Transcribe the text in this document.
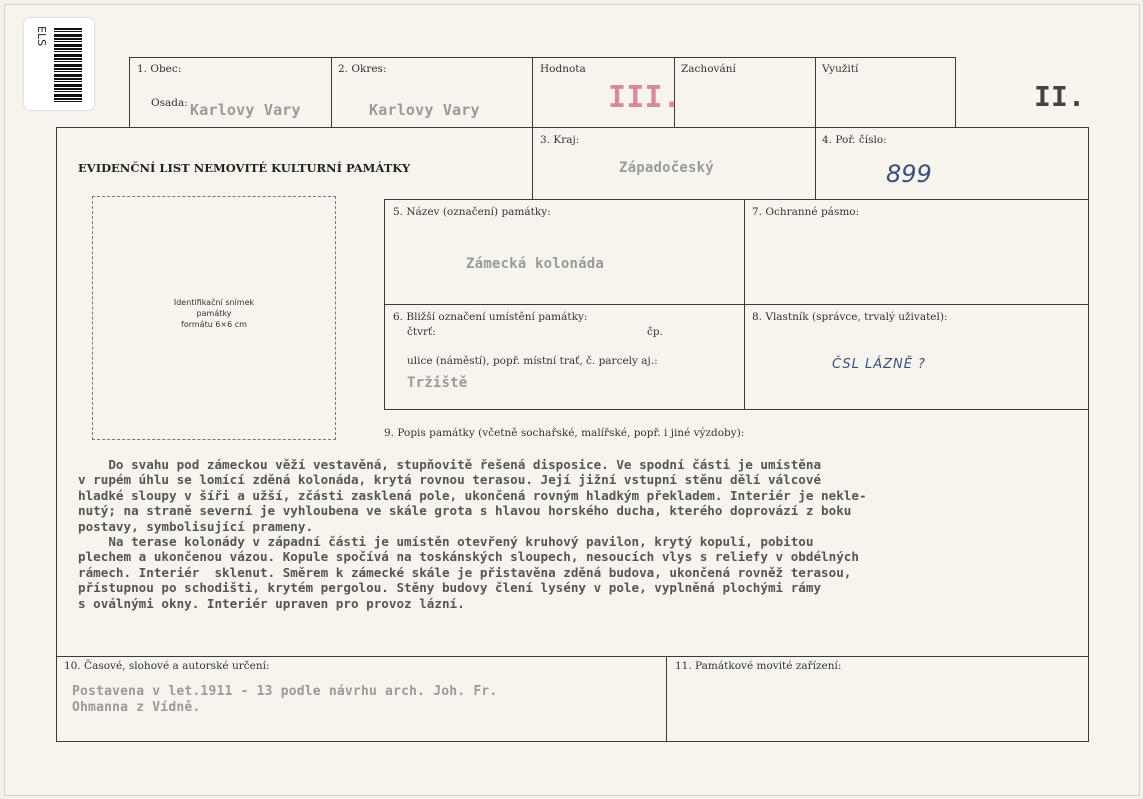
ELS
1. Obec:
Osada: Karlovy Vary
2. Okres:
Karlovy Vary
Hodnota
III.
Zachování	Využití
II.
EVIDENČNÍ LIST NEMOVITÉ KULTURNÍ PAMÁTKY
3. Kraj:
Západočeský
4. Poř. číslo:
899
Identifikační snímek
památky
formátu 6×6 cm
5. Název (označení) památky:
Zámecká kolonáda
7. Ochranné pásmo:
6. Bližší označení umístění památky:
čtvrť:	čp.
ulice (náměstí), popř. místní trať, č. parcely aj.:
Tržiště
8. Vlastník (správce, trvalý uživatel):
ČSL LÁZNĚ ?
9. Popis památky (včetně sochařské, malířské, popř. i jiné výzdoby):
Do svahu pod zámeckou věží vestavěná, stupňovitě řešená disposice. Ve spodní části je umístěna
v rupém úhlu se lomící zděná kolonáda, krytá rovnou terasou. Její jižní vstupní stěnu dělí válcové
hladké sloupy v šíři a užší, zčásti zasklená pole, ukončená rovným hladkým překladem. Interiér je nekle-
nutý; na straně severní je vyhloubena ve skále grota s hlavou horského ducha, kterého doprovází z boku
postavy, symbolisující prameny.
Na terase kolonády v západní části je umístěn otevřený kruhový pavilon, krytý kopulí, pobitou
plechem a ukončenou vázou. Kopule spočívá na toskánských sloupech, nesoucích vlys s reliefy v obdélných
rámech. Interiér  sklenut. Směrem k zámecké skále je přistavěna zděná budova, ukončená rovněž terasou,
přístupnou po schodišti, krytém pergolou. Stěny budovy člení lysény v pole, vyplněná plochými rámy
s oválnými okny. Interiér upraven pro provoz lázní.
10. Časové, slohové a autorské určení:
Postavena v let.1911 - 13 podle návrhu arch. Joh. Fr.
Ohmanna z Vídně.
11. Památkové movité zařízení:
